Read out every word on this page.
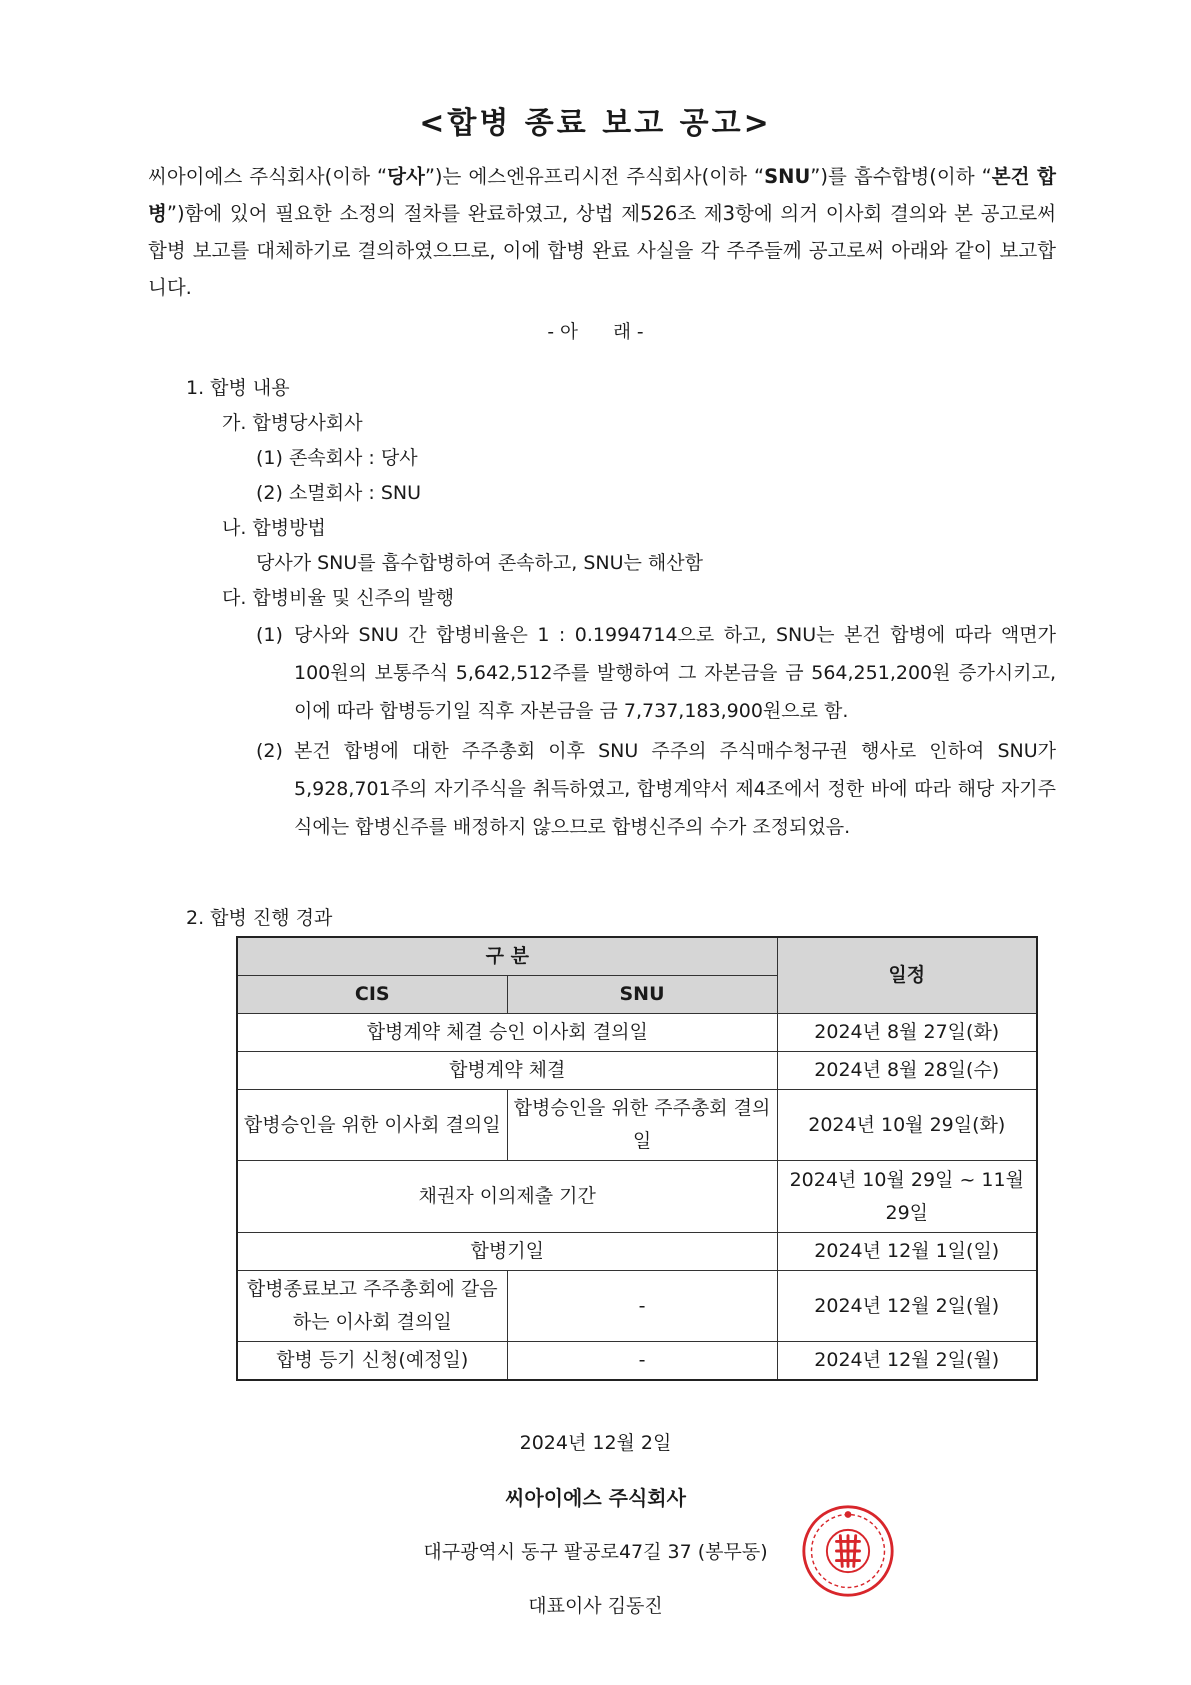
<합병 종료 보고 공고>
씨아이에스 주식회사(이하 “당사”)는 에스엔유프리시전 주식회사(이하 “SNU”)를 흡수합병(이하 “본건 합병”)함에 있어 필요한 소정의 절차를 완료하였고, 상법 제526조 제3항에 의거 이사회 결의와 본 공고로써 합병 보고를 대체하기로 결의하였으므로, 이에 합병 완료 사실을 각 주주들께 공고로써 아래와 같이 보고합니다.
- 아      래 -
1. 합병 내용
가. 합병당사회사
(1) 존속회사 : 당사
(2) 소멸회사 : SNU
나. 합병방법
당사가 SNU를 흡수합병하여 존속하고, SNU는 해산함
다. 합병비율 및 신주의 발행
(1) 당사와 SNU 간 합병비율은 1 : 0.1994714으로 하고, SNU는 본건 합병에 따라 액면가 100원의 보통주식 5,642,512주를 발행하여 그 자본금을 금 564,251,200원 증가시키고, 이에 따라 합병등기일 직후 자본금을 금 7,737,183,900원으로 함.
(2) 본건 합병에 대한 주주총회 이후 SNU 주주의 주식매수청구권 행사로 인하여 SNU가 5,928,701주의 자기주식을 취득하였고, 합병계약서 제4조에서 정한 바에 따라 해당 자기주식에는 합병신주를 배정하지 않으므로 합병신주의 수가 조정되었음.
2. 합병 진행 경과
구 분		일정
CIS	SNU	
합병계약 체결 승인 이사회 결의일		2024년 8월 27일(화)
합병계약 체결		2024년 8월 28일(수)
합병승인을 위한 이사회 결의일	합병승인을 위한 주주총회 결의일	2024년 10월 29일(화)
채권자 이의제출 기간		2024년 10월 29일 ~ 11월 29일
합병기일		2024년 12월 1일(일)
합병종료보고 주주총회에 갈음하는 이사회 결의일	-	2024년 12월 2일(월)
합병 등기 신청(예정일)	-	2024년 12월 2일(월)
2024년 12월 2일
씨아이에스 주식회사
대구광역시 동구 팔공로47길 37 (봉무동)
대표이사 김동진
